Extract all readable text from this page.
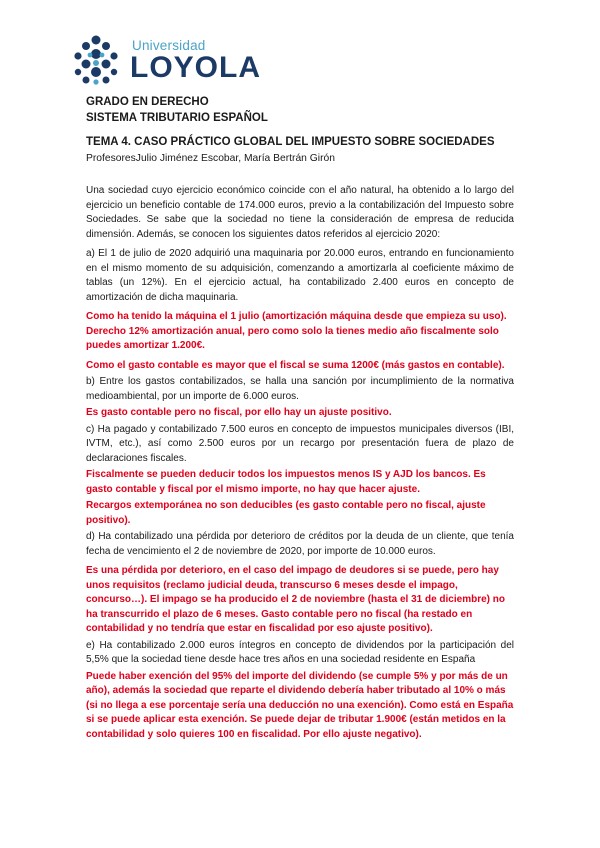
Universidad
LOYOLA
GRADO EN DERECHO
SISTEMA TRIBUTARIO ESPAÑOL
TEMA 4. CASO PRÁCTICO GLOBAL DEL IMPUESTO SOBRE SOCIEDADES
ProfesoresJulio Jiménez Escobar, María Bertrán Girón

Una sociedad cuyo ejercicio económico coincide con el año natural, ha obtenido a lo largo del ejercicio un beneficio contable de 174.000 euros, previo a la contabilización del Impuesto sobre Sociedades. Se sabe que la sociedad no tiene la consideración de empresa de reducida dimensión. Además, se conocen los siguientes datos referidos al ejercicio 2020:

a) El 1 de julio de 2020 adquirió una maquinaria por 20.000 euros, entrando en funcionamiento en el mismo momento de su adquisición, comenzando a amortizarla al coeficiente máximo de tablas (un 12%). En el ejercicio actual, ha contabilizado 2.400 euros en concepto de amortización de dicha maquinaria.

Como ha tenido la máquina el 1 julio (amortización máquina desde que empieza su uso). Derecho 12% amortización anual, pero como solo la tienes medio año fiscalmente solo puedes amortizar 1.200€.

Como el gasto contable es mayor que el fiscal se suma 1200€ (más gastos en contable).

b) Entre los gastos contabilizados, se halla una sanción por incumplimiento de la normativa medioambiental, por un importe de 6.000 euros.

Es gasto contable pero no fiscal, por ello hay un ajuste positivo.

c) Ha pagado y contabilizado 7.500 euros en concepto de impuestos municipales diversos (IBI, IVTM, etc.), así como 2.500 euros por un recargo por presentación fuera de plazo de declaraciones fiscales.

Fiscalmente se pueden deducir todos los impuestos menos IS y AJD los bancos. Es gasto contable y fiscal por el mismo importe, no hay que hacer ajuste.

Recargos extemporánea no son deducibles (es gasto contable pero no fiscal, ajuste positivo).

d) Ha contabilizado una pérdida por deterioro de créditos por la deuda de un cliente, que tenía fecha de vencimiento el 2 de noviembre de 2020, por importe de 10.000 euros.

Es una pérdida por deterioro, en el caso del impago de deudores si se puede, pero hay unos requisitos (reclamo judicial deuda, transcurso 6 meses desde el impago, concurso…). El impago se ha producido el 2 de noviembre (hasta el 31 de diciembre) no ha transcurrido el plazo de 6 meses. Gasto contable pero no fiscal (ha restado en contabilidad y no tendría que estar en fiscalidad por eso ajuste positivo).

e) Ha contabilizado 2.000 euros íntegros en concepto de dividendos por la participación del 5,5% que la sociedad tiene desde hace tres años en una sociedad residente en España

Puede haber exención del 95% del importe del dividendo (se cumple 5% y por más de un año), además la sociedad que reparte el dividendo debería haber tributado al 10% o más (si no llega a ese porcentaje sería una deducción no una exención). Como está en España si se puede aplicar esta exención. Se puede dejar de tributar 1.900€ (están metidos en la contabilidad y solo quieres 100 en fiscalidad. Por ello ajuste negativo).
